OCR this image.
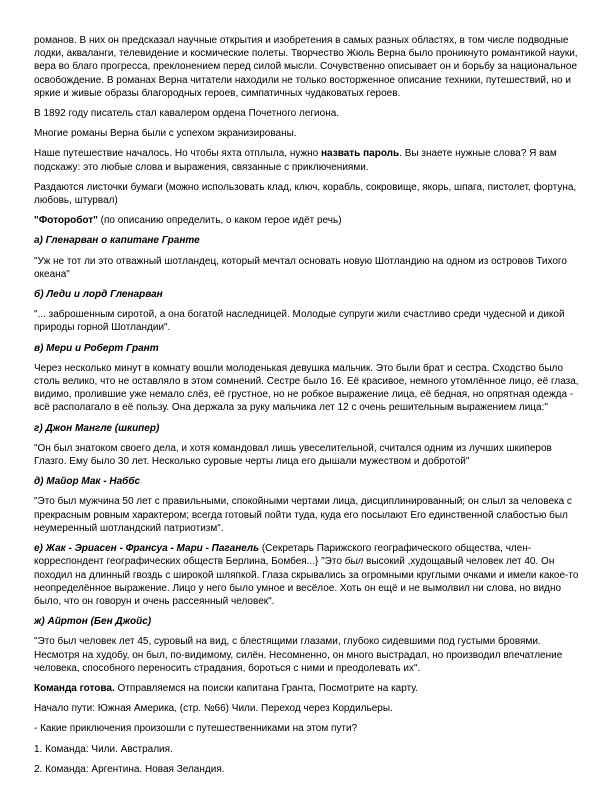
романов. В них он предсказал научные открытия и изобретения в самых разных областях, в том числе подводные лодки, акваланги, телевидение и космические полеты. Творчество Жюль Верна было проникнуто романтикой науки, вера во благо прогресса, преклонением перед силой мысли. Сочувственно описывает он и борьбу за национальное освобождение. В романах Верна читатели находили не только восторженное описание техники, путешествий, но и яркие и живые образы благородных героев, симпатичных чудаковатых героев.

В 1892 году писатель стал кавалером ордена Почетного легиона.

Многие романы Верна были с успехом экранизированы.

Наше путешествие началось. Но чтобы яхта отплыла, нужно назвать пароль. Вы знаете нужные слова? Я вам подскажу: это любые слова и выражения, связанные с приключениями.

Раздаются листочки бумаги (можно использовать клад, ключ, корабль, сокровище, якорь, шпага, пистолет, фортуна, любовь, штурвал)

"Фоторобот" (по описанию определить, о каком герое идёт речь)

а) Гленарван о капитане Гранте

"Уж не тот ли это отважный шотландец, который мечтал основать новую Шотландию на одном из островов Тихого океана"

б) Леди и лорд Гленарван

"... заброшенным сиротой, а она богатой наследницей. Молодые супруги жили счастливо среди чудесной и дикой природы горной Шотландии".

в) Мери и Роберт Грант

Через несколько минут в комнату вошли молоденькая девушка мальчик. Это были брат и сестра. Сходство было столь велико, что не оставляло в этом сомнений. Сестре было 16. Её красивое, немного утомлённое лицо, её глаза, видимо, пролившие уже немало слёз, её грустное, но не робкое выражение лица, её бедная, но опрятная одежда - всё располагало в её пользу. Она держала за руку мальчика лет 12 с очень решительным выражением лица:"

г) Джон Мангле (шкипер)

"Он был знатоком своего дела, и хотя командовал лишь увеселительной, считался одним из лучших шкиперов Глазго. Ему было 30 лет. Несколько суровые черты лица его дышали мужеством и добротой"

д) Майор Мак - Наббс

"Это был мужчина 50 лет с правильными, спокойными чертами лица, дисциплинированный; он слыл за человека с прекрасным ровным характером; всегда готовый пойти туда, куда его посылают Его единственной слабостью был неумеренный шотландский патриотизм".

е) Жак - Эриасен - Франсуа - Мари - Паганель (Секретарь Парижского географического общества, член-корреспондент географических обществ Берлина, Бомбея...} "Это был высокий ,худощавый человек лет 40. Он походил на длинный гвоздь с широкой шляпкой. Глаза скрывались за огромными круглыми очками и имели какое-то неопределённое выражение. Лицо у него было умное и весёлое. Хоть он ещё и не вымолвил ни слова, но видно было, что он говорун и очень рассеянный человек".

ж) Айртон (Бен Джойс)

"Это был человек лет 45, суровый на вид, с блестящими глазами, глубоко сидевшими под густыми бровями. Несмотря на худобу, он был, по-видимому, силён. Несомненно, он много выстрадал, но производил впечатление человека, способного переносить страдания, бороться с ними и преодолевать их".

Команда готова. Отправляемся на поиски капитана Гранта, Посмотрите на карту.

Начало пути: Южная Америка, (стр. №66) Чили. Переход через Кордильеры.

- Какие приключения произошли с путешественниками на этом пути?

1. Команда: Чили. Австралия.

2. Команда: Аргентина. Новая Зеландия.
